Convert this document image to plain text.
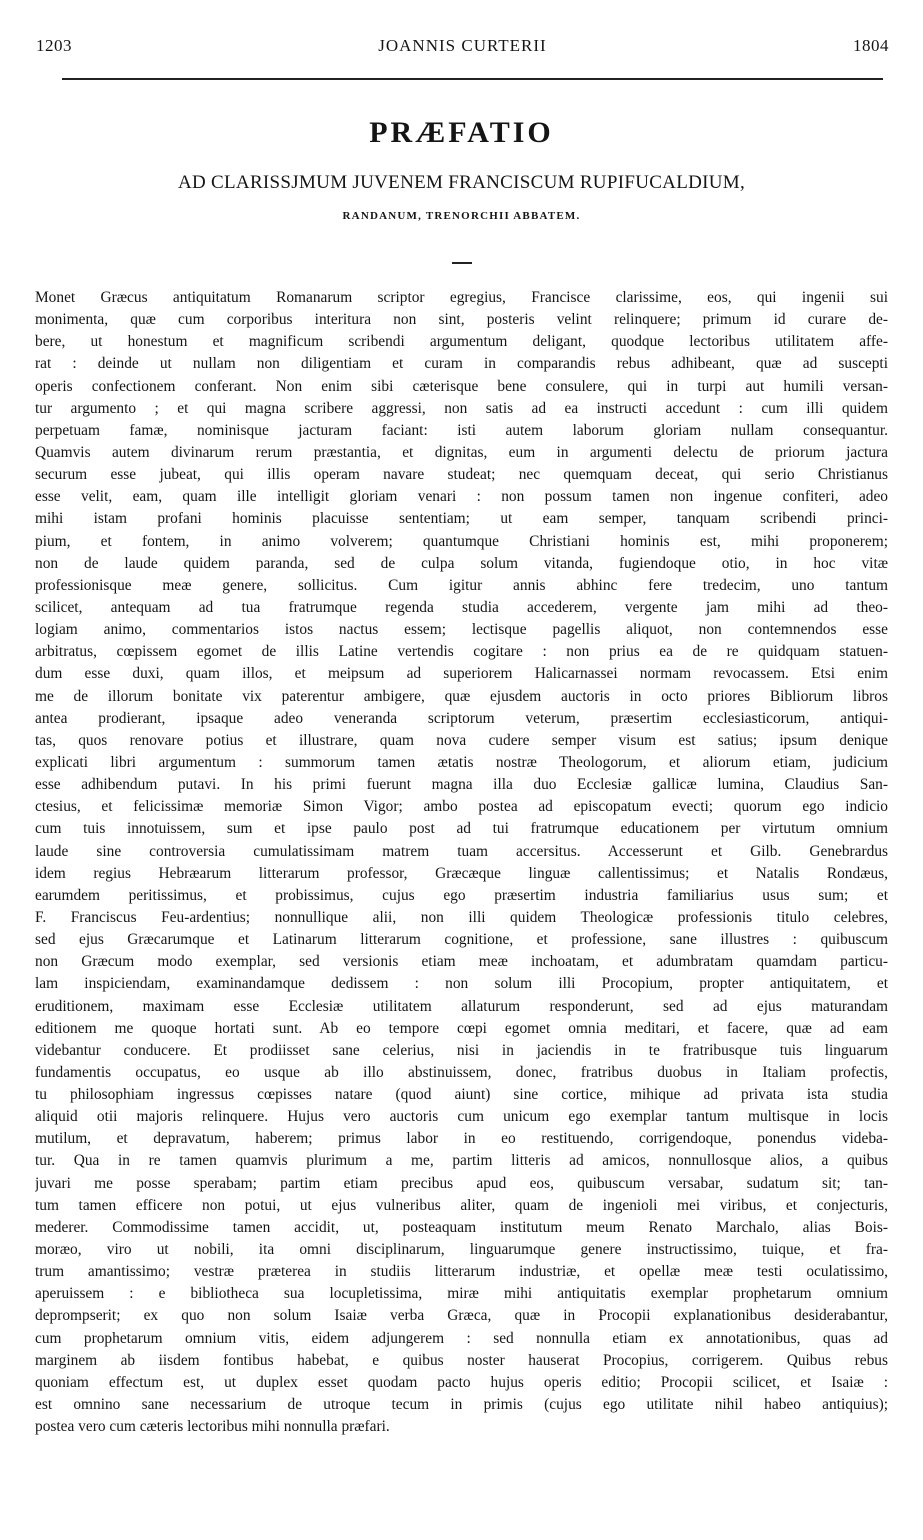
1203	JOANNIS CURTERII	1804
PRÆFATIO
AD CLARISSJMUM JUVENEM FRANCISCUM RUPIFUCALDIUM,
RANDANUM, TRENORCHII ABBATEM.
Monet Græcus antiquitatum Romanarum scriptor egregius, Francisce clarissime, eos, qui ingenii sui
monimenta, quæ cum corporibus interitura non sint, posteris velint relinquere; primum id curare de-
bere, ut honestum et magnificum scribendi argumentum deligant, quodque lectoribus utilitatem affe-
rat : deinde ut nullam non diligentiam et curam in comparandis rebus adhibeant, quæ ad suscepti
operis confectionem conferant. Non enim sibi cæterisque bene consulere, qui in turpi aut humili versan-
tur argumento ; et qui magna scribere aggressi, non satis ad ea instructi accedunt : cum illi quidem
perpetuam famæ, nominisque jacturam faciant: isti autem laborum gloriam nullam consequantur.
Quamvis autem divinarum rerum præstantia, et dignitas, eum in argumenti delectu de priorum jactura
securum esse jubeat, qui illis operam navare studeat; nec quemquam deceat, qui serio Christianus
esse velit, eam, quam ille intelligit gloriam venari : non possum tamen non ingenue confiteri, adeo
mihi istam profani hominis placuisse sententiam; ut eam semper, tanquam scribendi princi-
pium, et fontem, in animo volverem; quantumque Christiani hominis est, mihi proponerem;
non de laude quidem paranda, sed de culpa solum vitanda, fugiendoque otio, in hoc vitæ
professionisque meæ genere, sollicitus. Cum igitur annis abhinc fere tredecim, uno tantum
scilicet, antequam ad tua fratrumque regenda studia accederem, vergente jam mihi ad theo-
logiam animo, commentarios istos nactus essem; lectisque pagellis aliquot, non contemnendos esse
arbitratus, cœpissem egomet de illis Latine vertendis cogitare : non prius ea de re quidquam statuen-
dum esse duxi, quam illos, et meipsum ad superiorem Halicarnassei normam revocassem. Etsi enim
me de illorum bonitate vix paterentur ambigere, quæ ejusdem auctoris in octo priores Bibliorum libros
antea prodierant, ipsaque adeo veneranda scriptorum veterum, præsertim ecclesiasticorum, antiqui-
tas, quos renovare potius et illustrare, quam nova cudere semper visum est satius; ipsum denique
explicati libri argumentum : summorum tamen ætatis nostræ Theologorum, et aliorum etiam, judicium
esse adhibendum putavi. In his primi fuerunt magna illa duo Ecclesiæ gallicæ lumina, Claudius San-
ctesius, et felicissimæ memoriæ Simon Vigor; ambo postea ad episcopatum evecti; quorum ego indicio
cum tuis innotuissem, sum et ipse paulo post ad tui fratrumque educationem per virtutum omnium
laude sine controversia cumulatissimam matrem tuam accersitus. Accesserunt et Gilb. Genebrardus
idem regius Hebræarum litterarum professor, Græcæque linguæ callentissimus; et Natalis Rondæus,
earumdem peritissimus, et probissimus, cujus ego præsertim industria familiarius usus sum; et
F. Franciscus Feu-ardentius; nonnullique alii, non illi quidem Theologicæ professionis titulo celebres,
sed ejus Græcarumque et Latinarum litterarum cognitione, et professione, sane illustres : quibuscum
non Græcum modo exemplar, sed versionis etiam meæ inchoatam, et adumbratam quamdam particu-
lam inspiciendam, examinandamque dedissem : non solum illi Procopium, propter antiquitatem, et
eruditionem, maximam esse Ecclesiæ utilitatem allaturum responderunt, sed ad ejus maturandam
editionem me quoque hortati sunt. Ab eo tempore cœpi egomet omnia meditari, et facere, quæ ad eam
videbantur conducere. Et prodiisset sane celerius, nisi in jaciendis in te fratribusque tuis linguarum
fundamentis occupatus, eo usque ab illo abstinuissem, donec, fratribus duobus in Italiam profectis,
tu philosophiam ingressus cœpisses natare (quod aiunt) sine cortice, mihique ad privata ista studia
aliquid otii majoris relinquere. Hujus vero auctoris cum unicum ego exemplar tantum multisque in locis
mutilum, et depravatum, haberem; primus labor in eo restituendo, corrigendoque, ponendus videba-
tur. Qua in re tamen quamvis plurimum a me, partim litteris ad amicos, nonnullosque alios, a quibus
juvari me posse sperabam; partim etiam precibus apud eos, quibuscum versabar, sudatum sit; tan-
tum tamen efficere non potui, ut ejus vulneribus aliter, quam de ingenioli mei viribus, et conjecturis,
mederer. Commodissime tamen accidit, ut, posteaquam institutum meum Renato Marchalo, alias Bois-
moræo, viro ut nobili, ita omni disciplinarum, linguarumque genere instructissimo, tuique, et fra-
trum amantissimo; vestræ præterea in studiis litterarum industriæ, et opellæ meæ testi oculatissimo,
aperuissem : e bibliotheca sua locupletissima, miræ mihi antiquitatis exemplar prophetarum omnium
deprompserit; ex quo non solum Isaiæ verba Græca, quæ in Procopii explanationibus desiderabantur,
cum prophetarum omnium vitis, eidem adjungerem : sed nonnulla etiam ex annotationibus, quas ad
marginem ab iisdem fontibus habebat, e quibus noster hauserat Procopius, corrigerem. Quibus rebus
quoniam effectum est, ut duplex esset quodam pacto hujus operis editio; Procopii scilicet, et Isaiæ :
est omnino sane necessarium de utroque tecum in primis (cujus ego utilitate nihil habeo antiquius);
postea vero cum cæteris lectoribus mihi nonnulla præfari.
